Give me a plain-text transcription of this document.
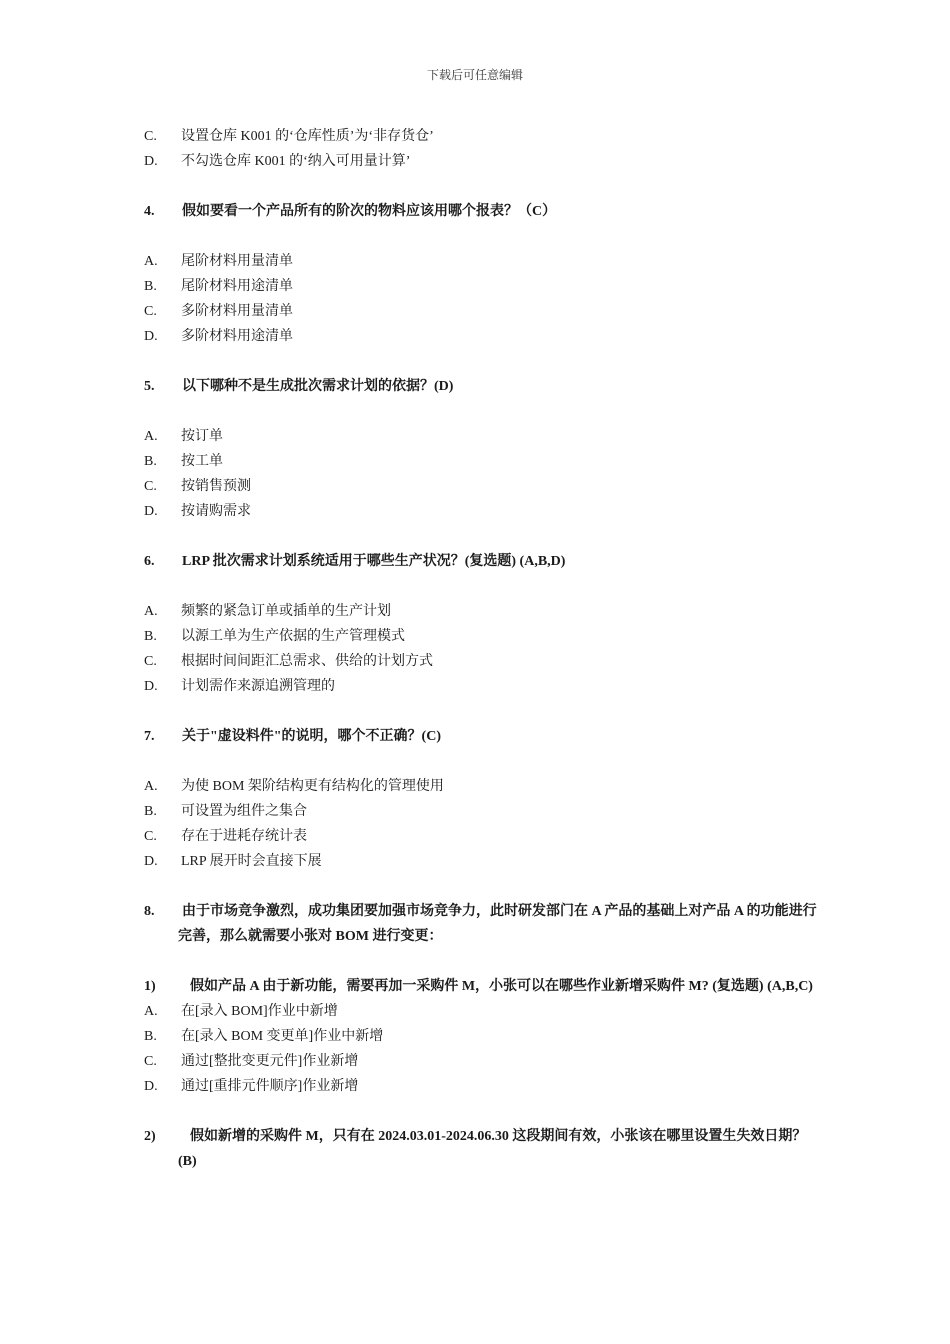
下载后可任意编辑
C. 设置仓库 K001 的‘仓库性质’为‘非存货仓’
D. 不勾选仓库 K001 的‘纳入可用量计算’
4.	假如要看一个产品所有的阶次的物料应该用哪个报表？（C）
A. 尾阶材料用量清单
B. 尾阶材料用途清单
C. 多阶材料用量清单
D. 多阶材料用途清单
5.	以下哪种不是生成批次需求计划的依据？(D)
A. 按订单
B. 按工单
C. 按销售预测
D. 按请购需求
6.	LRP 批次需求计划系统适用于哪些生产状况？(复选题) (A,B,D)
A. 频繁的紧急订单或插单的生产计划
B. 以源工单为生产依据的生产管理模式
C. 根据时间间距汇总需求、供给的计划方式
D. 计划需作来源追溯管理的
7.	关于"虚设料件"的说明，哪个不正确？(C)
A. 为使 BOM 架阶结构更有结构化的管理使用
B. 可设置为组件之集合
C. 存在于进耗存统计表
D. LRP 展开时会直接下展
8.	由于市场竞争激烈，成功集团要加强市场竞争力，此时研发部门在 A 产品的基础上对产品 A 的功能进行完善，那么就需要小张对 BOM 进行变更：
1)	假如产品 A 由于新功能，需要再加一采购件 M，小张可以在哪些作业新增采购件 M? (复选题) (A,B,C)
A. 在[录入 BOM]作业中新增
B. 在[录入 BOM 变更单]作业中新增
C. 通过[整批变更元件]作业新增
D. 通过[重排元件顺序]作业新增
2)	假如新增的采购件 M，只有在 2024.03.01-2024.06.30 这段期间有效，小张该在哪里设置生失效日期？ (B)
